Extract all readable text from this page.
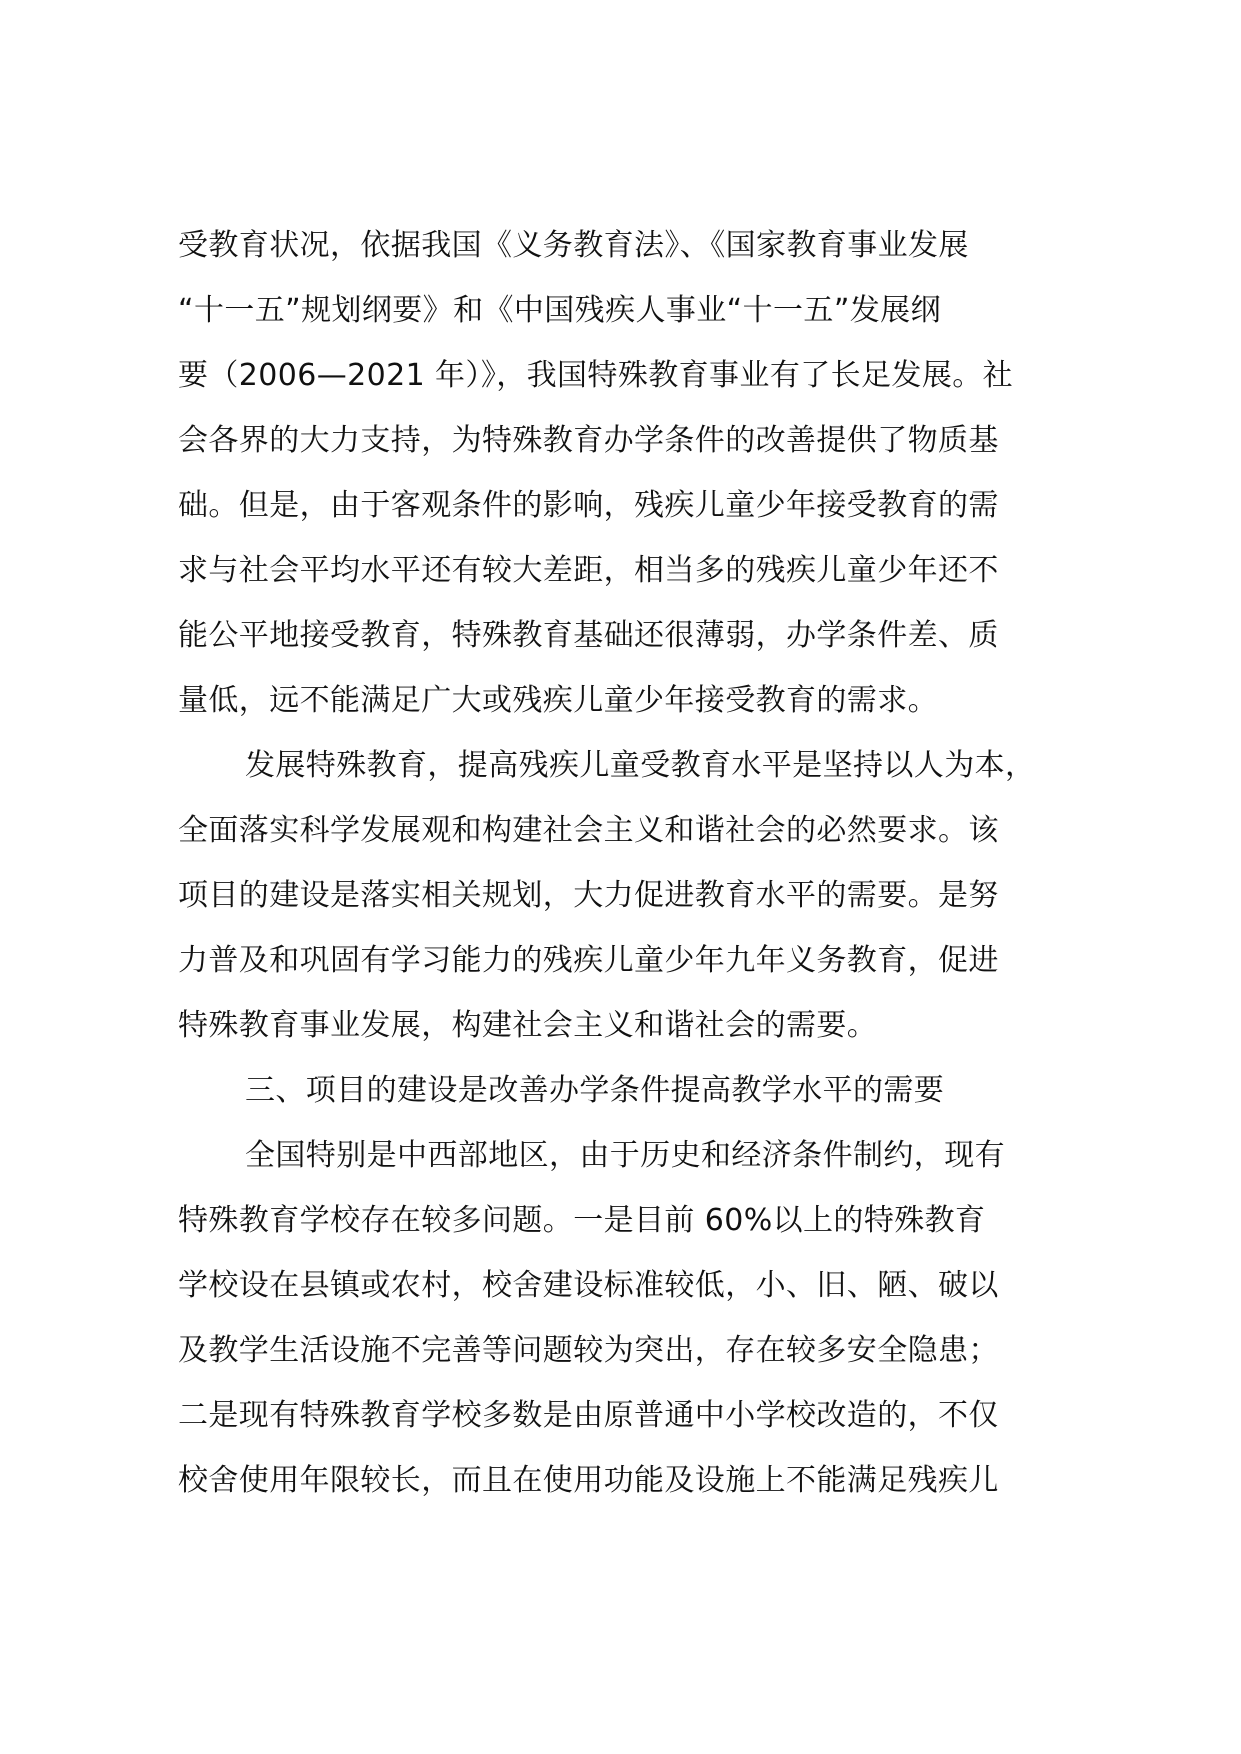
受教育状况，依据我国《义务教育法》、《国家教育事业发展
“十一五”规划纲要》和《中国残疾人事业“十一五”发展纲
要（2006—2021 年）》，我国特殊教育事业有了长足发展。社
会各界的大力支持，为特殊教育办学条件的改善提供了物质基
础。但是，由于客观条件的影响，残疾儿童少年接受教育的需
求与社会平均水平还有较大差距，相当多的残疾儿童少年还不
能公平地接受教育，特殊教育基础还很薄弱，办学条件差、质
量低，远不能满足广大或残疾儿童少年接受教育的需求。
发展特殊教育，提高残疾儿童受教育水平是坚持以人为本，
全面落实科学发展观和构建社会主义和谐社会的必然要求。该
项目的建设是落实相关规划，大力促进教育水平的需要。是努
力普及和巩固有学习能力的残疾儿童少年九年义务教育，促进
特殊教育事业发展，构建社会主义和谐社会的需要。
三、项目的建设是改善办学条件提高教学水平的需要
全国特别是中西部地区，由于历史和经济条件制约，现有
特殊教育学校存在较多问题。一是目前 60%以上的特殊教育
学校设在县镇或农村，校舍建设标准较低，小、旧、陋、破以
及教学生活设施不完善等问题较为突出，存在较多安全隐患；
二是现有特殊教育学校多数是由原普通中小学校改造的，不仅
校舍使用年限较长，而且在使用功能及设施上不能满足残疾儿
